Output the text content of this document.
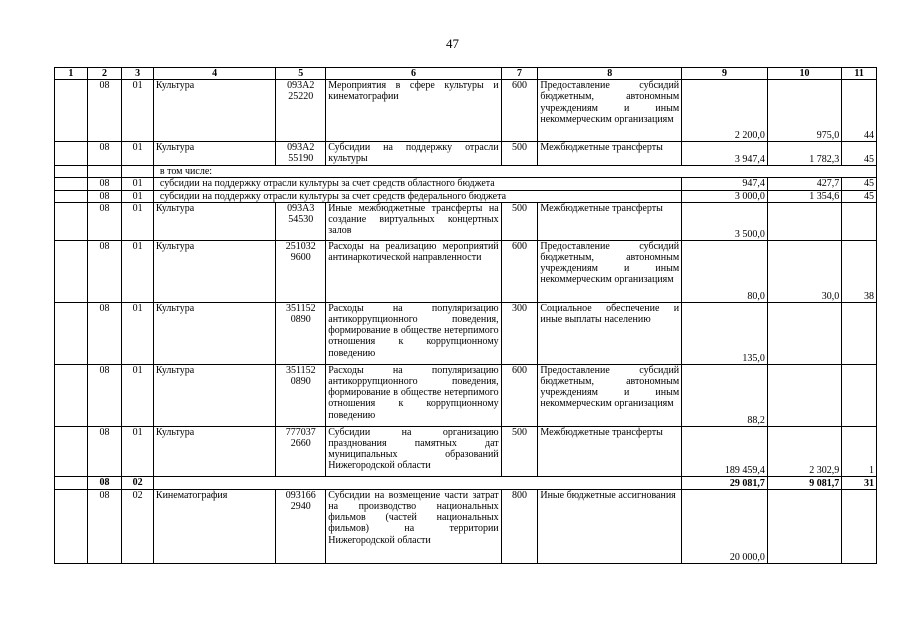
47
1	2	3	4	5	6	7	8	9	10	11
	08	01	Культура	093А2 25220	Мероприятия в сфере культуры и кинематографии	600	Предоставление субсидий бюджетным, автономным учреждениям и иным некоммерческим организациям	2 200,0	975,0	44
	08	01	Культура	093А2 55190	Субсидии на поддержку отрасли культуры	500	Межбюджетные трансферты	3 947,4	1 782,3	45
			в том числе:							
	08	01	субсидии на поддержку отрасли культуры за счет средств областного бюджета					947,4	427,7	45
	08	01	субсидии на поддержку отрасли культуры за счет средств федерального бюджета					3 000,0	1 354,6	45
	08	01	Культура	093А3 54530	Иные межбюджетные трансферты на создание виртуальных концертных залов	500	Межбюджетные трансферты	3 500,0		
	08	01	Культура	251032 9600	Расходы на реализацию мероприятий антинаркотической направленности	600	Предоставление субсидий бюджетным, автономным учреждениям и иным некоммерческим организациям	80,0	30,0	38
	08	01	Культура	351152 0890	Расходы на популяризацию антикоррупционного поведения, формирование в обществе нетерпимого отношения к коррупционному поведению	300	Социальное обеспечение и иные выплаты населению	135,0		
	08	01	Культура	351152 0890	Расходы на популяризацию антикоррупционного поведения, формирование в обществе нетерпимого отношения к коррупционному поведению	600	Предоставление субсидий бюджетным, автономным учреждениям и иным некоммерческим организациям	88,2		
	08	01	Культура	777037 2660	Субсидии на организацию празднования памятных дат муниципальных образований Нижегородской области	500	Межбюджетные трансферты	189 459,4	2 302,9	1
	08	02						29 081,7	9 081,7	31
	08	02	Кинематография	093166 2940	Субсидии на возмещение части затрат на производство национальных фильмов (частей национальных фильмов) на территории Нижегородской области	800	Иные бюджетные ассигнования	20 000,0		
